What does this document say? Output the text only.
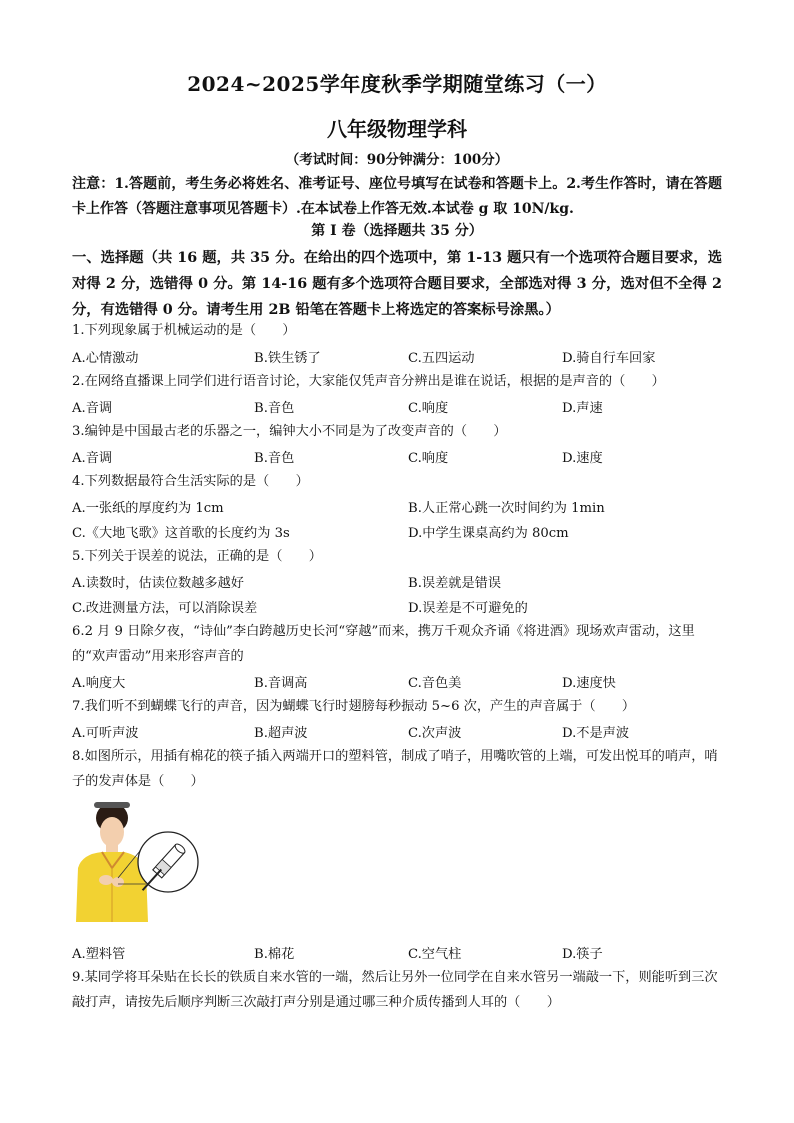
2024~2025学年度秋季学期随堂练习（一）
八年级物理学科
（考试时间：90分钟满分：100分）
注意：1.答题前，考生务必将姓名、准考证号、座位号填写在试卷和答题卡上。2.考生作答时，请在答题卡上作答（答题注意事项见答题卡）.在本试卷上作答无效.本试卷 g 取 10N/kg.
第 I 卷（选择题共 35 分）
一、选择题（共 16 题，共 35 分。在给出的四个选项中，第 1-13 题只有一个选项符合题目要求，选对得 2 分，选错得 0 分。第 14-16 题有多个选项符合题目要求，全部选对得 3 分，选对但不全得 2 分，有选错得 0 分。请考生用 2B 铅笔在答题卡上将选定的答案标号涂黑。）
1.下列现象属于机械运动的是（　　）
A.心情激动	B.铁生锈了	C.五四运动	D.骑自行车回家
2.在网络直播课上同学们进行语音讨论，大家能仅凭声音分辨出是谁在说话，根据的是声音的（　　）
A.音调	B.音色	C.响度	D.声速
3.编钟是中国最古老的乐器之一，编钟大小不同是为了改变声音的（　　）
A.音调	B.音色	C.响度	D.速度
4.下列数据最符合生活实际的是（　　）
A.一张纸的厚度约为 1cm	B.人正常心跳一次时间约为 1min
C.《大地飞歌》这首歌的长度约为 3s	D.中学生课桌高约为 80cm
5.下列关于误差的说法，正确的是（　　）
A.读数时，估读位数越多越好	B.误差就是错误
C.改进测量方法，可以消除误差	D.误差是不可避免的
6.2 月 9 日除夕夜，“诗仙”李白跨越历史长河“穿越”而来，携万千观众齐诵《将进酒》现场欢声雷动，这里的“欢声雷动”用来形容声音的
A.响度大	B.音调高	C.音色美	D.速度快
7.我们听不到蝴蝶飞行的声音，因为蝴蝶飞行时翅膀每秒振动 5~6 次，产生的声音属于（　　）
A.可听声波	B.超声波	C.次声波	D.不是声波
8.如图所示，用插有棉花的筷子插入两端开口的塑料管，制成了哨子，用嘴吹管的上端，可发出悦耳的哨声，哨子的发声体是（　　）
A.塑料管	B.棉花	C.空气柱	D.筷子
9.某同学将耳朵贴在长长的铁质自来水管的一端，然后让另外一位同学在自来水管另一端敲一下，则能听到三次敲打声，请按先后顺序判断三次敲打声分别是通过哪三种介质传播到人耳的（　　）
